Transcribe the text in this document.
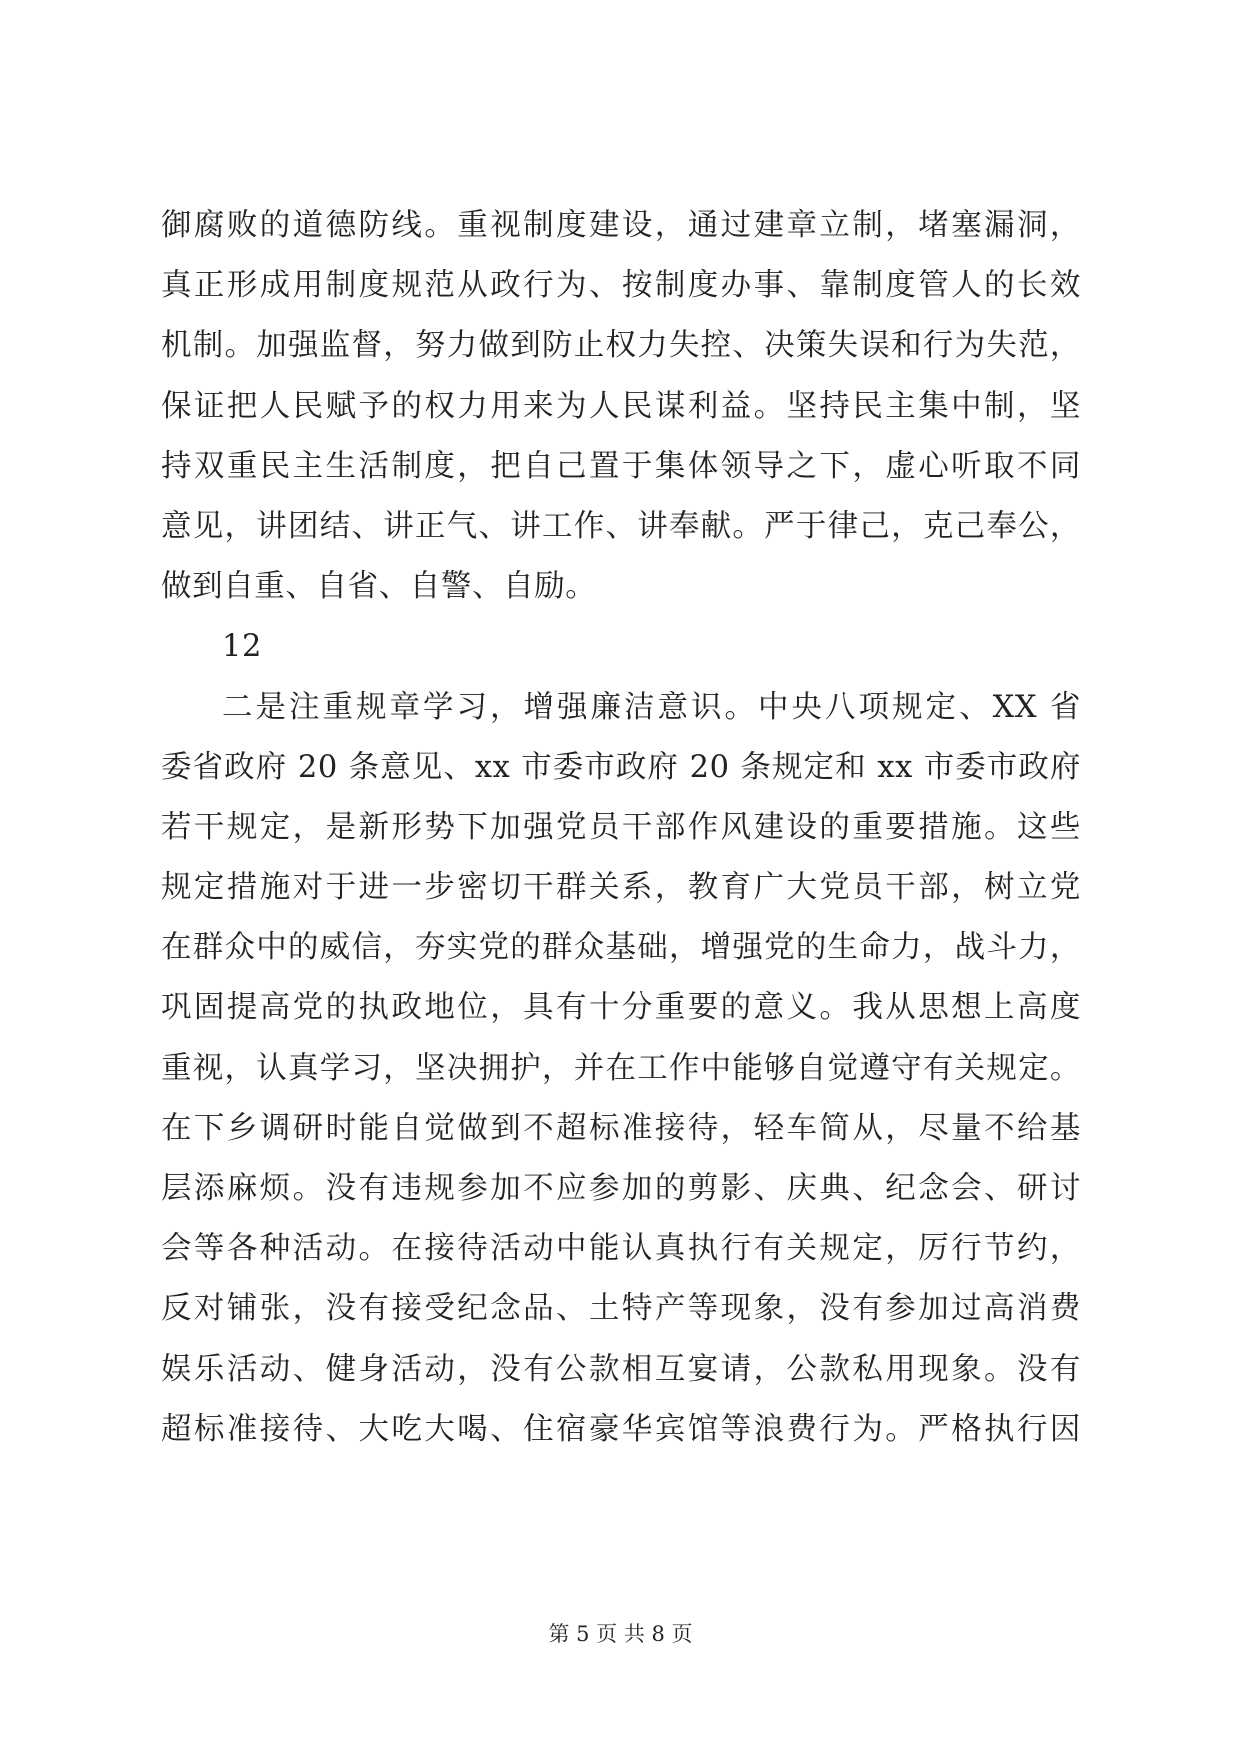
御腐败的道德防线。重视制度建设，通过建章立制，堵塞漏洞，
真正形成用制度规范从政行为、按制度办事、靠制度管人的长效
机制。加强监督，努力做到防止权力失控、决策失误和行为失范，
保证把人民赋予的权力用来为人民谋利益。坚持民主集中制，坚
持双重民主生活制度，把自己置于集体领导之下，虚心听取不同
意见，讲团结、讲正气、讲工作、讲奉献。严于律己，克己奉公，
做到自重、自省、自警、自励。
12
二是注重规章学习，增强廉洁意识。中央八项规定、XX 省
委省政府 20 条意见、xx 市委市政府 20 条规定和 xx 市委市政府
若干规定，是新形势下加强党员干部作风建设的重要措施。这些
规定措施对于进一步密切干群关系，教育广大党员干部，树立党
在群众中的威信，夯实党的群众基础，增强党的生命力，战斗力，
巩固提高党的执政地位，具有十分重要的意义。我从思想上高度
重视，认真学习，坚决拥护，并在工作中能够自觉遵守有关规定。
在下乡调研时能自觉做到不超标准接待，轻车简从，尽量不给基
层添麻烦。没有违规参加不应参加的剪影、庆典、纪念会、研讨
会等各种活动。在接待活动中能认真执行有关规定，厉行节约，
反对铺张，没有接受纪念品、土特产等现象，没有参加过高消费
娱乐活动、健身活动，没有公款相互宴请，公款私用现象。没有
超标准接待、大吃大喝、住宿豪华宾馆等浪费行为。严格执行因
第 5 页 共 8 页
